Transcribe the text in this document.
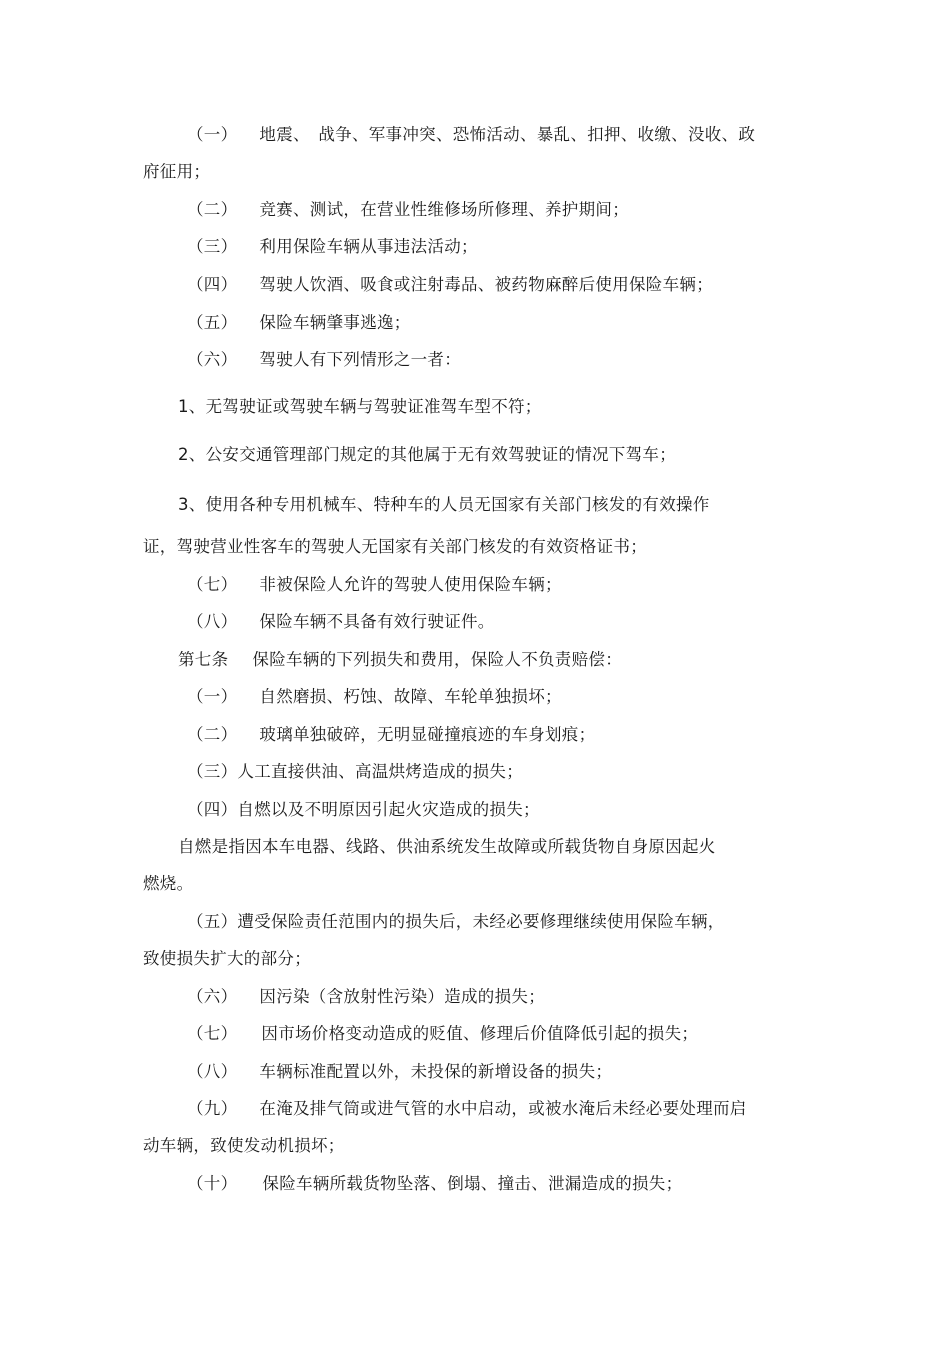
（一） 地震、　战争、军事冲突、恐怖活动、暴乱、扣押、收缴、没收、政
府征用；
（二） 竞赛、测试，在营业性维修场所修理、养护期间；
（三） 利用保险车辆从事违法活动；
（四） 驾驶人饮酒、吸食或注射毒品、被药物麻醉后使用保险车辆；
（五） 保险车辆肇事逃逸；
（六） 驾驶人有下列情形之一者：
1、无驾驶证或驾驶车辆与驾驶证准驾车型不符；
2、公安交通管理部门规定的其他属于无有效驾驶证的情况下驾车；
3、使用各种专用机械车、特种车的人员无国家有关部门核发的有效操作
证，驾驶营业性客车的驾驶人无国家有关部门核发的有效资格证书；
（七） 非被保险人允许的驾驶人使用保险车辆；
（八） 保险车辆不具备有效行驶证件。
第七条 保险车辆的下列损失和费用，保险人不负责赔偿：
（一） 自然磨损、朽蚀、故障、车轮单独损坏；
（二） 玻璃单独破碎，无明显碰撞痕迹的车身划痕；
（三）人工直接供油、高温烘烤造成的损失；
（四）自燃以及不明原因引起火灾造成的损失；
自燃是指因本车电器、线路、供油系统发生故障或所载货物自身原因起火
燃烧。
（五）遭受保险责任范围内的损失后，未经必要修理继续使用保险车辆，
致使损失扩大的部分；
（六） 因污染（含放射性污染）造成的损失；
（七） 因市场价格变动造成的贬值、修理后价值降低引起的损失；
（八） 车辆标准配置以外，未投保的新增设备的损失；
（九） 在淹及排气筒或进气管的水中启动，或被水淹后未经必要处理而启
动车辆，致使发动机损坏；
（十） 保险车辆所载货物坠落、倒塌、撞击、泄漏造成的损失；
